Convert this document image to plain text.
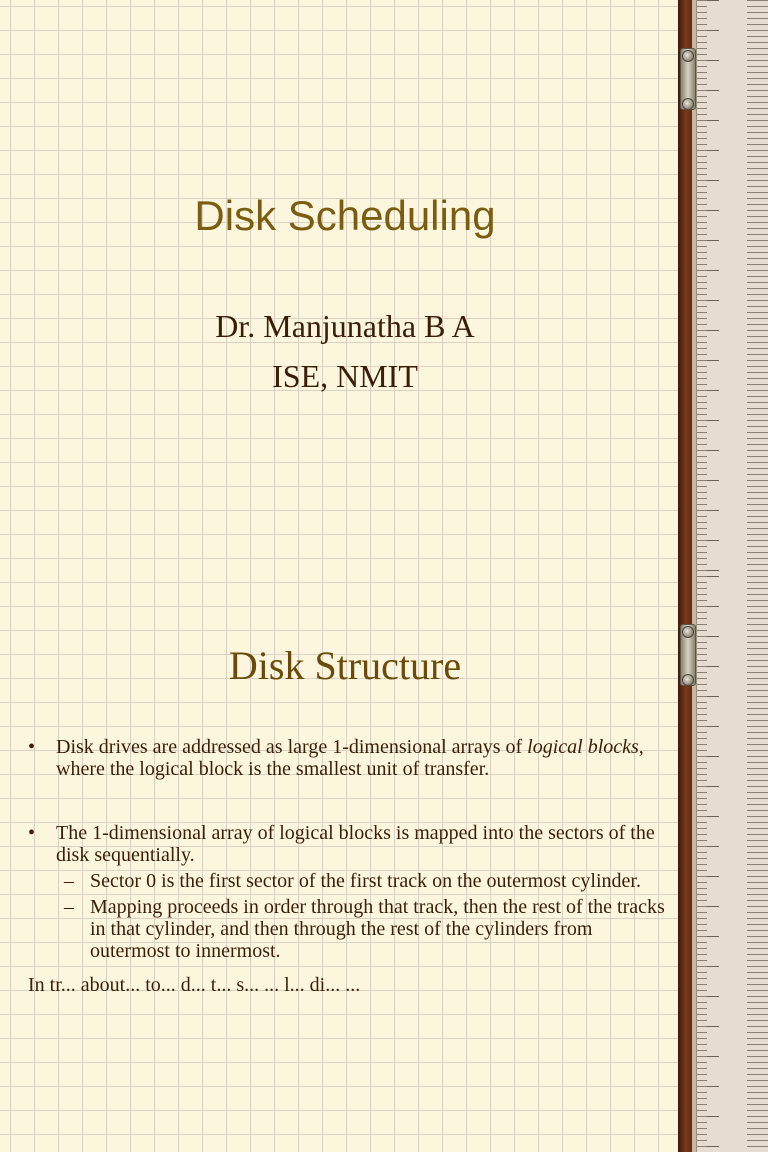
Disk Scheduling
Dr. Manjunatha B A
ISE, NMIT
Disk Structure
• Disk drives are addressed as large 1-dimensional arrays of logical blocks, where the logical block is the smallest unit of transfer.
• The 1-dimensional array of logical blocks is mapped into the sectors of the disk sequentially.
– Sector 0 is the first sector of the first track on the outermost cylinder.
– Mapping proceeds in order through that track, then the rest of the tracks in that cylinder, and then through the rest of the cylinders from outermost to innermost.
In tr... about... to... d... t... s... ... l... di... ...
